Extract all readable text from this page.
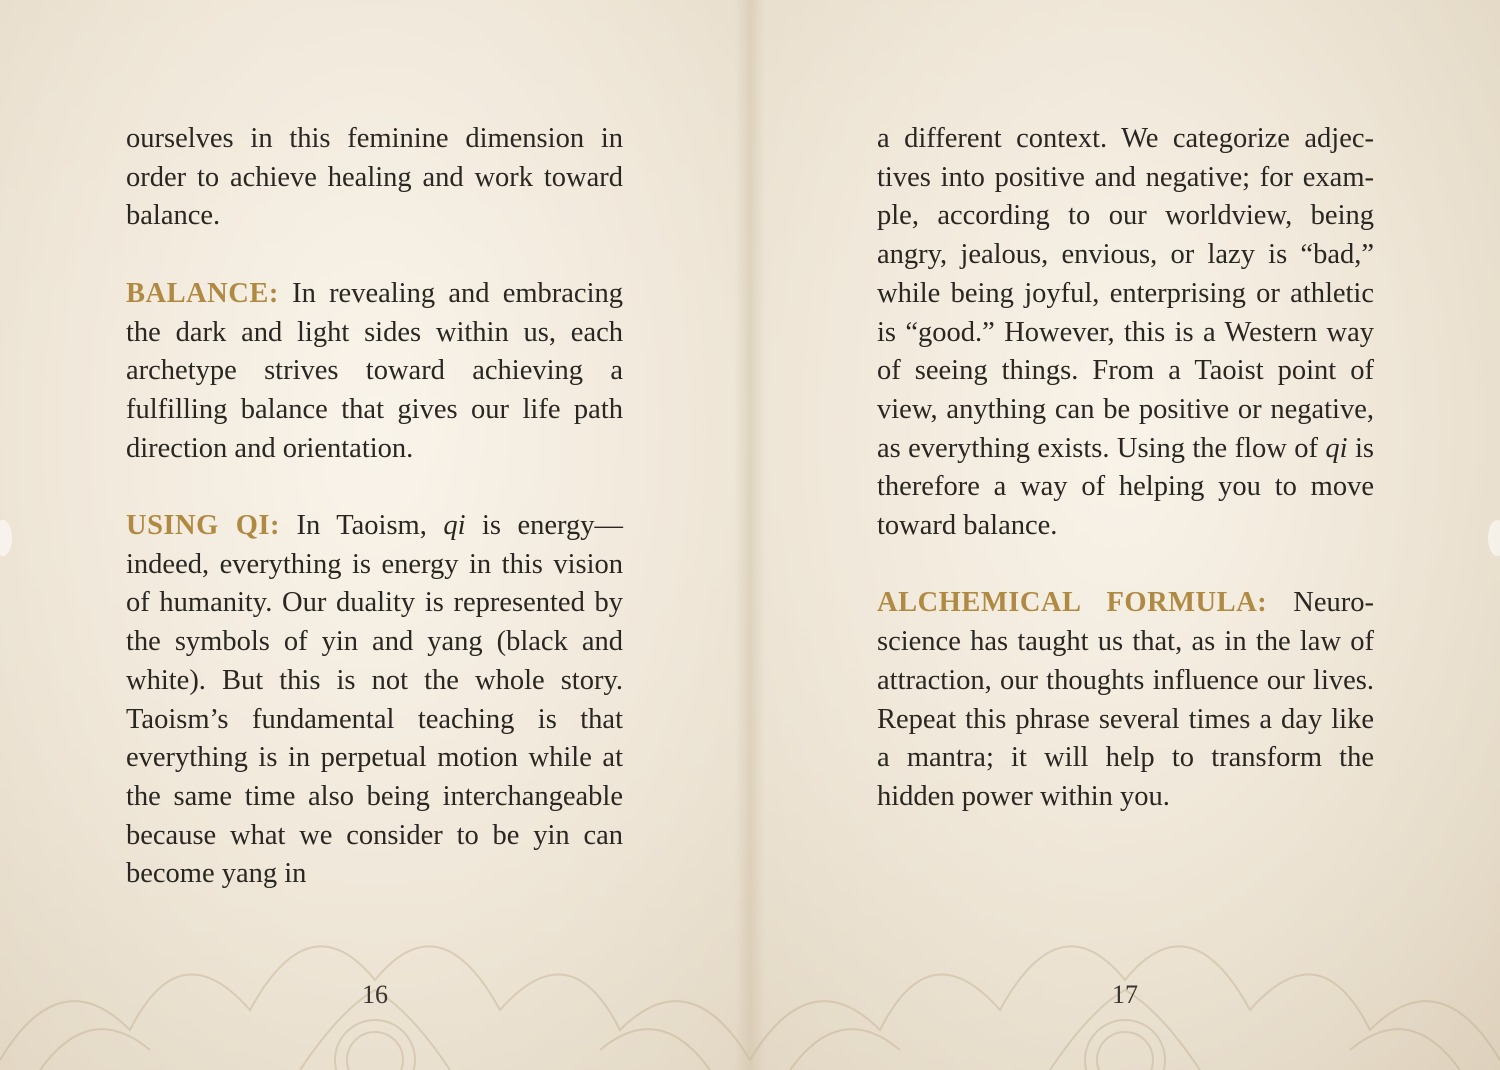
ourselves in this feminine dimension in order to achieve healing and work toward balance.

BALANCE: In revealing and embracing the dark and light sides within us, each archetype strives toward achieving a fulfilling balance that gives our life path direction and orientation.

USING QI: In Taoism, qi is energy—indeed, everything is energy in this vision of humanity. Our duality is represented by the symbols of yin and yang (black and white). But this is not the whole story. Taoism’s fundamental teaching is that everything is in perpetual motion while at the same time also being interchangeable because what we consider to be yin can become yang in

16

a different context. We categorize adjectives into positive and negative; for example, according to our worldview, being angry, jealous, envious, or lazy is “bad,” while being joyful, enterprising or athletic is “good.” However, this is a Western way of seeing things. From a Taoist point of view, anything can be positive or negative, as everything exists. Using the flow of qi is therefore a way of helping you to move toward balance.

ALCHEMICAL FORMULA: Neuroscience has taught us that, as in the law of attraction, our thoughts influence our lives. Repeat this phrase several times a day like a mantra; it will help to transform the hidden power within you.

17
